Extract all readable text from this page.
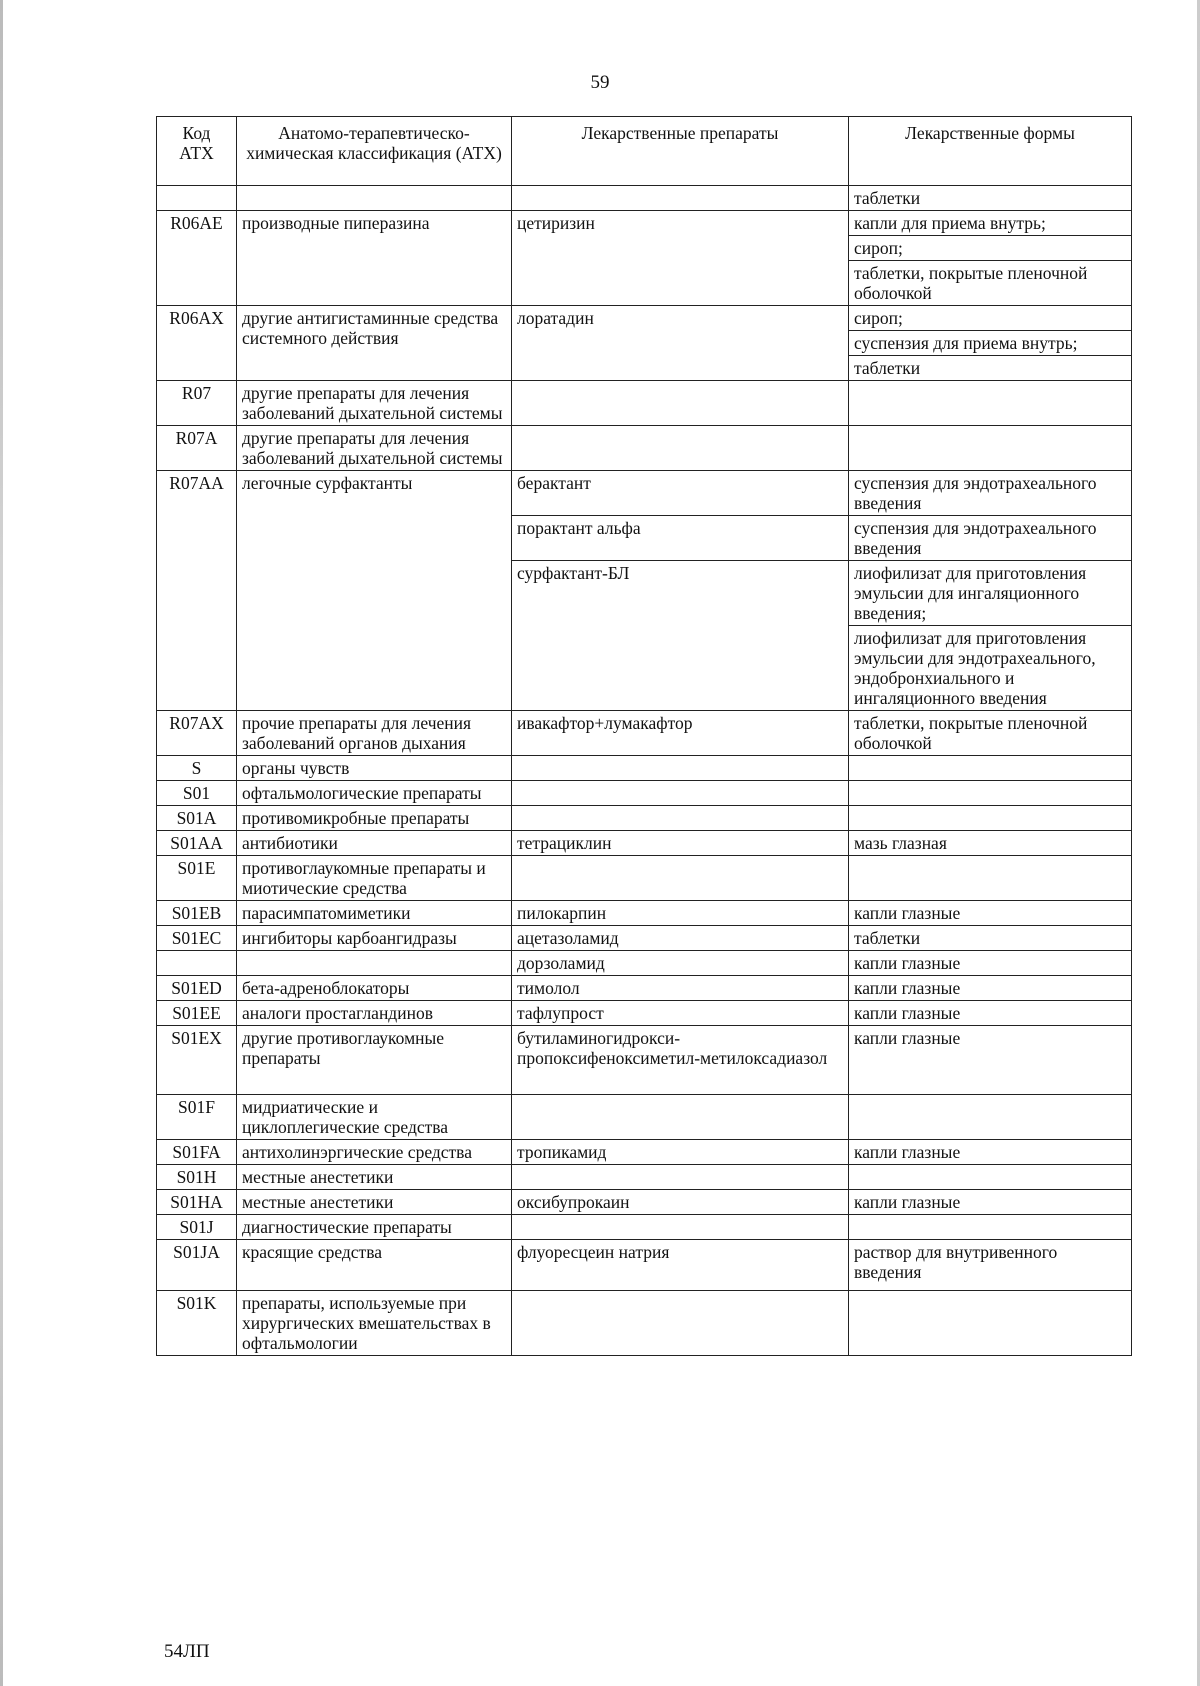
59
Код АТХ	Анатомо-терапевтическо-химическая классификация (АТХ)	Лекарственные препараты	Лекарственные формы
			таблетки
R06AE	производные пиперазина	цетиризин	капли для приема внутрь;
			сироп;
			таблетки, покрытые пленочной оболочкой
R06AX	другие антигистаминные средства системного действия	лоратадин	сироп;
			суспензия для приема внутрь;
			таблетки
R07	другие препараты для лечения заболеваний дыхательной системы		
R07A	другие препараты для лечения заболеваний дыхательной системы		
R07AA	легочные сурфактанты	берактант	суспензия для эндотрахеального введения
		порактант альфа	суспензия для эндотрахеального введения
		сурфактант-БЛ	лиофилизат для приготовления эмульсии для ингаляционного введения;
			лиофилизат для приготовления эмульсии для эндотрахеального, эндобронхиального и ингаляционного введения
R07AX	прочие препараты для лечения заболеваний органов дыхания	ивакафтор+лумакафтор	таблетки, покрытые пленочной оболочкой
S	органы чувств		
S01	офтальмологические препараты		
S01A	противомикробные препараты		
S01AA	антибиотики	тетрациклин	мазь глазная
S01E	противоглаукомные препараты и миотические средства		
S01EB	парасимпатомиметики	пилокарпин	капли глазные
S01EC	ингибиторы карбоангидразы	ацетазоламид	таблетки
		дорзоламид	капли глазные
S01ED	бета-адреноблокаторы	тимолол	капли глазные
S01EE	аналоги простагландинов	тафлупрост	капли глазные
S01EX	другие противоглаукомные препараты	бутиламиногидрокси-пропоксифеноксиметил-метилоксадиазол	капли глазные
S01F	мидриатические и циклоплегические средства		
S01FA	антихолинэргические средства	тропикамид	капли глазные
S01H	местные анестетики		
S01HA	местные анестетики	оксибупрокаин	капли глазные
S01J	диагностические препараты		
S01JA	красящие средства	флуоресцеин натрия	раствор для внутривенного введения
S01K	препараты, используемые при хирургических вмешательствах в офтальмологии		
54ЛП
